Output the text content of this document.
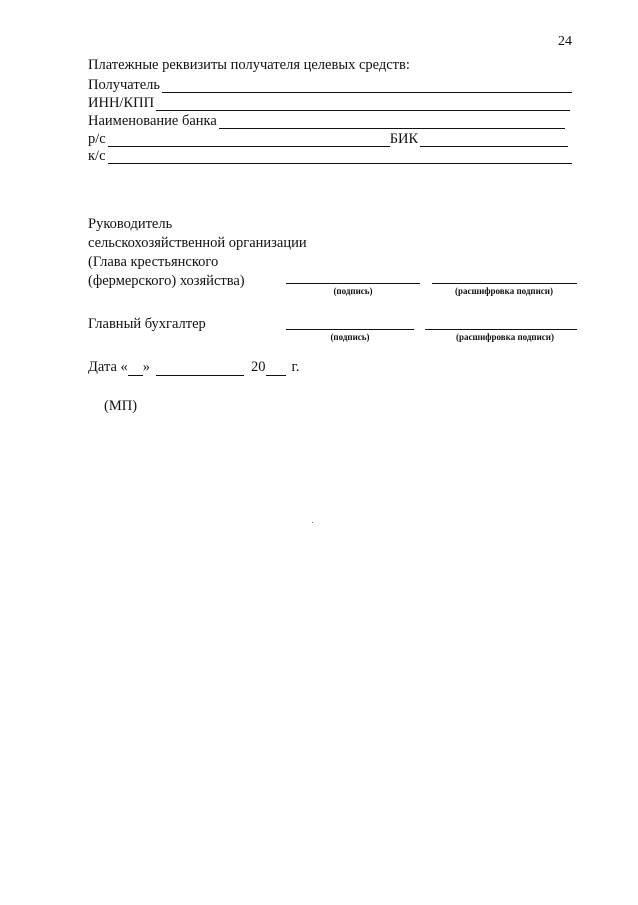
24
Платежные реквизиты получателя целевых средств:
Получатель
ИНН/КПП
Наименование банка
р/с	БИК
к/с
Руководитель
сельскохозяйственной организации
(Глава крестьянского
(фермерского) хозяйства)
(подпись)	(расшифровка подписи)
Главный бухгалтер
(подпись)	(расшифровка подписи)
Дата « »	20 г.
(МП)
